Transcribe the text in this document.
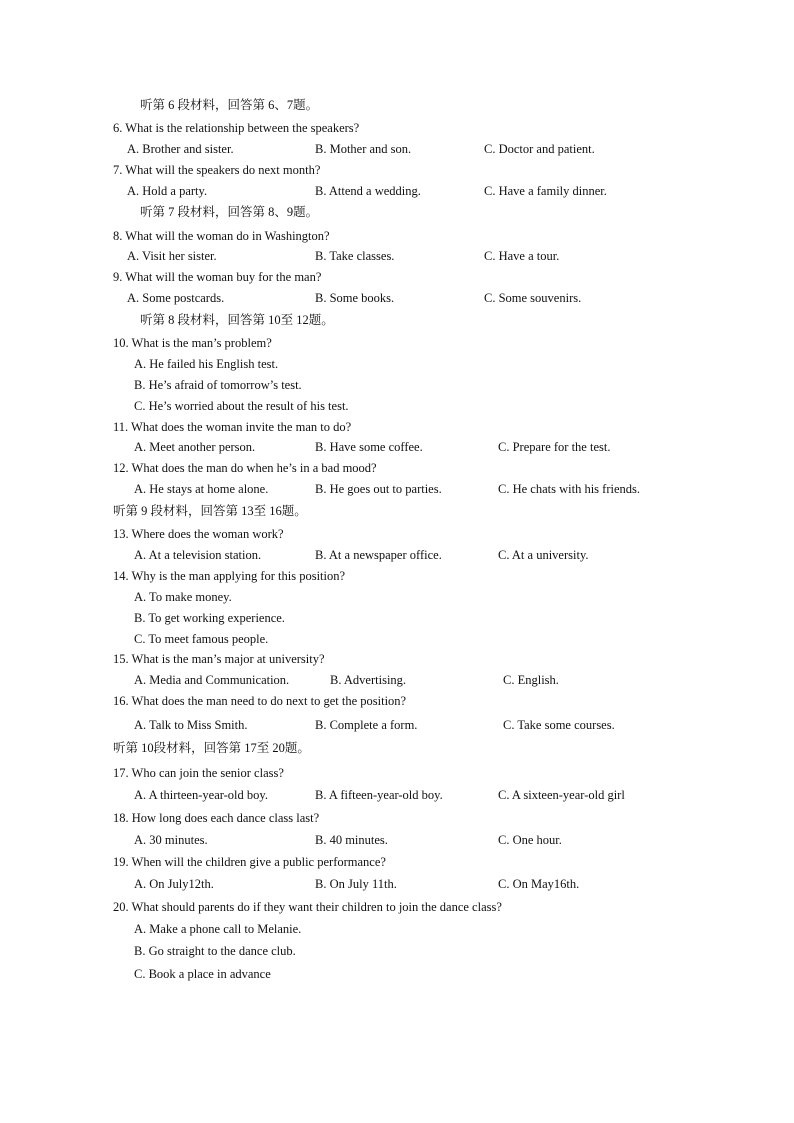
听第 6 段材料，回答第 6、7题。
6. What is the relationship between the speakers?
A. Brother and sister.	B. Mother and son.	C. Doctor and patient.
7. What will the speakers do next month?
A. Hold a party.	B. Attend a wedding.	C. Have a family dinner.
听第 7 段材料，回答第 8、9题。
8. What will the woman do in Washington?
A. Visit her sister.	B. Take classes.	C. Have a tour.
9. What will the woman buy for the man?
A. Some postcards.	B. Some books.	C. Some souvenirs.
听第 8 段材料，回答第 10至 12题。
10. What is the man’s problem?
A. He failed his English test.
B. He’s afraid of tomorrow’s test.
C. He’s worried about the result of his test.
11. What does the woman invite the man to do?
A. Meet another person.	B. Have some coffee.	C. Prepare for the test.
12. What does the man do when he’s in a bad mood?
A. He stays at home alone.	B. He goes out to parties.	C. He chats with his friends.
听第 9 段材料，回答第 13至 16题。
13. Where does the woman work?
A. At a television station.	B. At a newspaper office.	C. At a university.
14. Why is the man applying for this position?
A. To make money.
B. To get working experience.
C. To meet famous people.
15. What is the man’s major at university?
A. Media and Communication.	B. Advertising.	C. English.
16. What does the man need to do next to get the position?
A. Talk to Miss Smith.	B. Complete a form.	C. Take some courses.
听第 10段材料，回答第 17至 20题。
17. Who can join the senior class?
A. A thirteen-year-old boy.	B. A fifteen-year-old boy.	C. A sixteen-year-old girl
18. How long does each dance class last?
A. 30 minutes.	B. 40 minutes.	C. One hour.
19. When will the children give a public performance?
A. On July12th.	B. On July 11th.	C. On May16th.
20. What should parents do if they want their children to join the dance class?
A. Make a phone call to Melanie.
B. Go straight to the dance club.
C. Book a place in advance
